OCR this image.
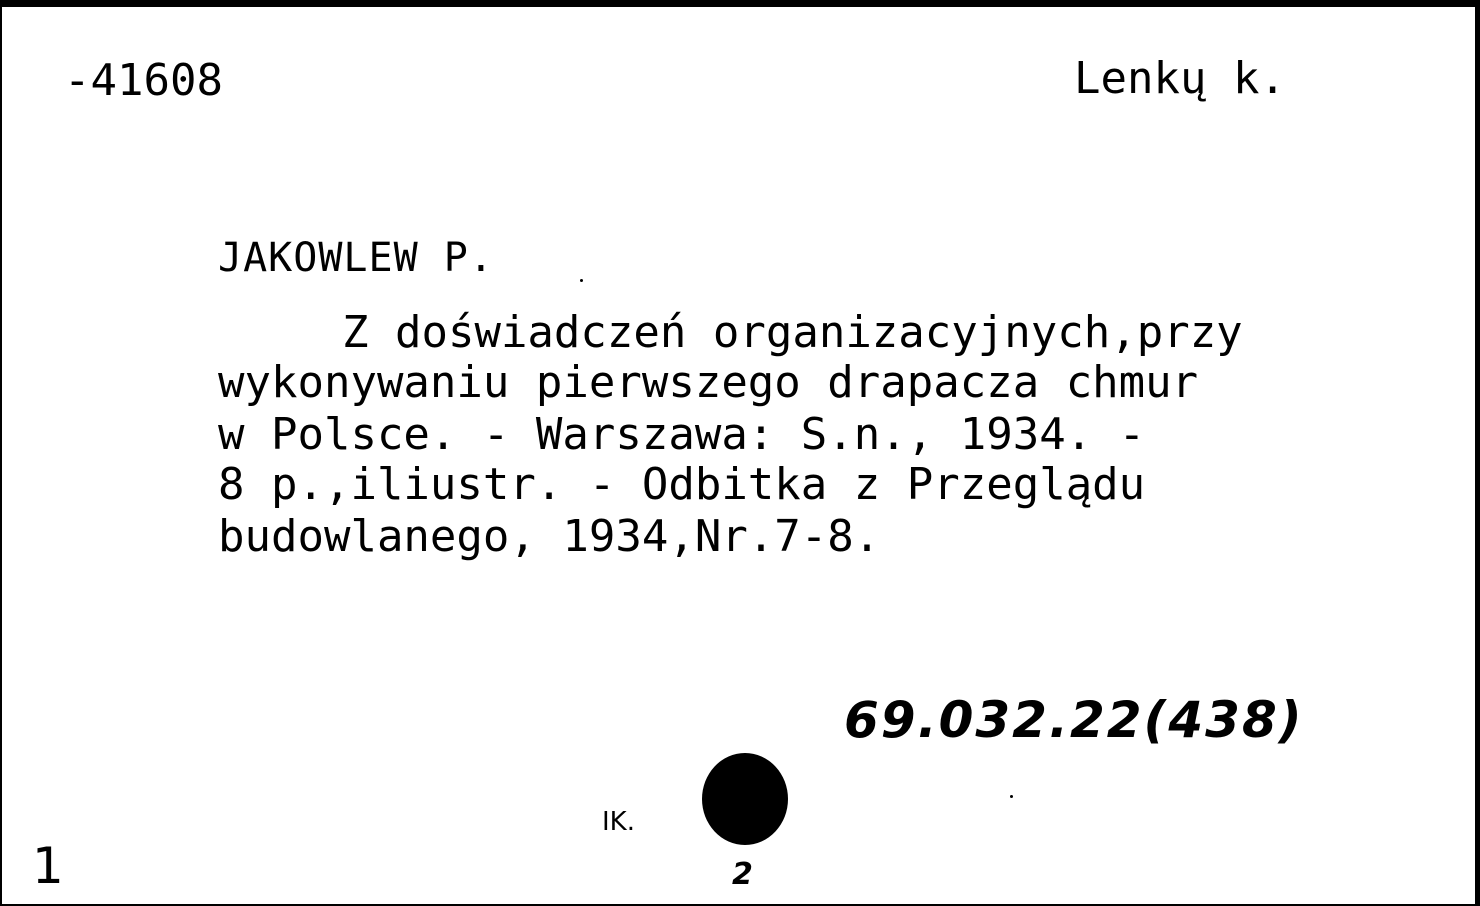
-41608	Lenkų k.
JAKOWLEW P.
Z doświadczeń organizacyjnych,przy
wykonywaniu pierwszego drapacza chmur
w Polsce. - Warszawa: S.n., 1934. -
8 p.,iliustr. - Odbitka z Przeglądu
budowlanego, 1934,Nr.7-8.
69.032.22(438)
IK.
2
1
